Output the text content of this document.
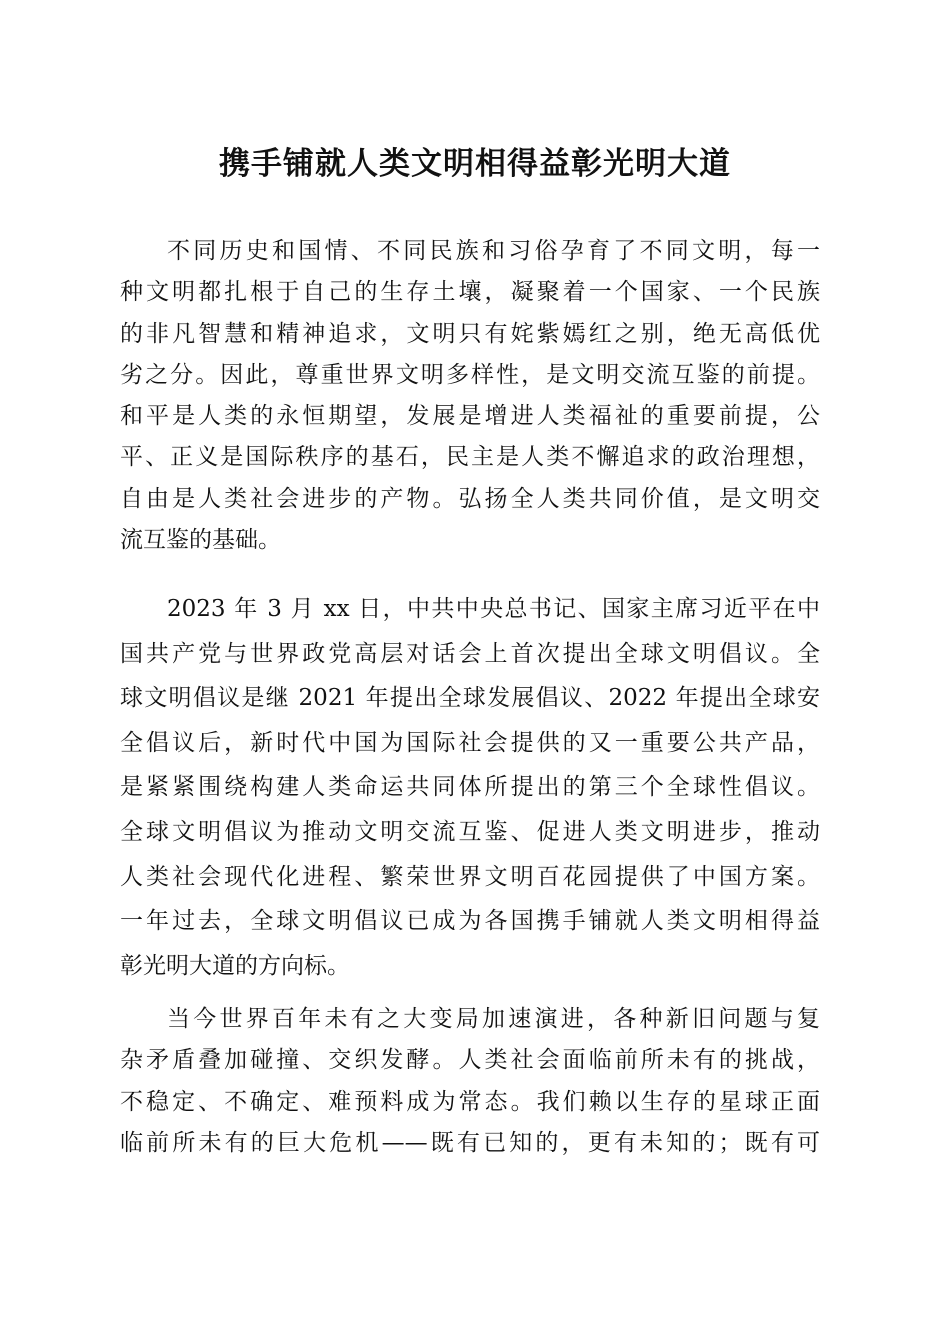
携手铺就人类文明相得益彰光明大道
不同历史和国情、不同民族和习俗孕育了不同文明，每一
种文明都扎根于自己的生存土壤，凝聚着一个国家、一个民族
的非凡智慧和精神追求，文明只有姹紫嫣红之别，绝无高低优
劣之分。因此，尊重世界文明多样性，是文明交流互鉴的前提。
和平是人类的永恒期望，发展是增进人类福祉的重要前提，公
平、正义是国际秩序的基石，民主是人类不懈追求的政治理想，
自由是人类社会进步的产物。弘扬全人类共同价值，是文明交
流互鉴的基础。
2023 年 3 月 xx 日，中共中央总书记、国家主席习近平在中
国共产党与世界政党高层对话会上首次提出全球文明倡议。全
球文明倡议是继 2021 年提出全球发展倡议、2022 年提出全球安
全倡议后，新时代中国为国际社会提供的又一重要公共产品，
是紧紧围绕构建人类命运共同体所提出的第三个全球性倡议。
全球文明倡议为推动文明交流互鉴、促进人类文明进步，推动
人类社会现代化进程、繁荣世界文明百花园提供了中国方案。
一年过去，全球文明倡议已成为各国携手铺就人类文明相得益
彰光明大道的方向标。
当今世界百年未有之大变局加速演进，各种新旧问题与复
杂矛盾叠加碰撞、交织发酵。人类社会面临前所未有的挑战，
不稳定、不确定、难预料成为常态。我们赖以生存的星球正面
临前所未有的巨大危机——既有已知的，更有未知的；既有可
